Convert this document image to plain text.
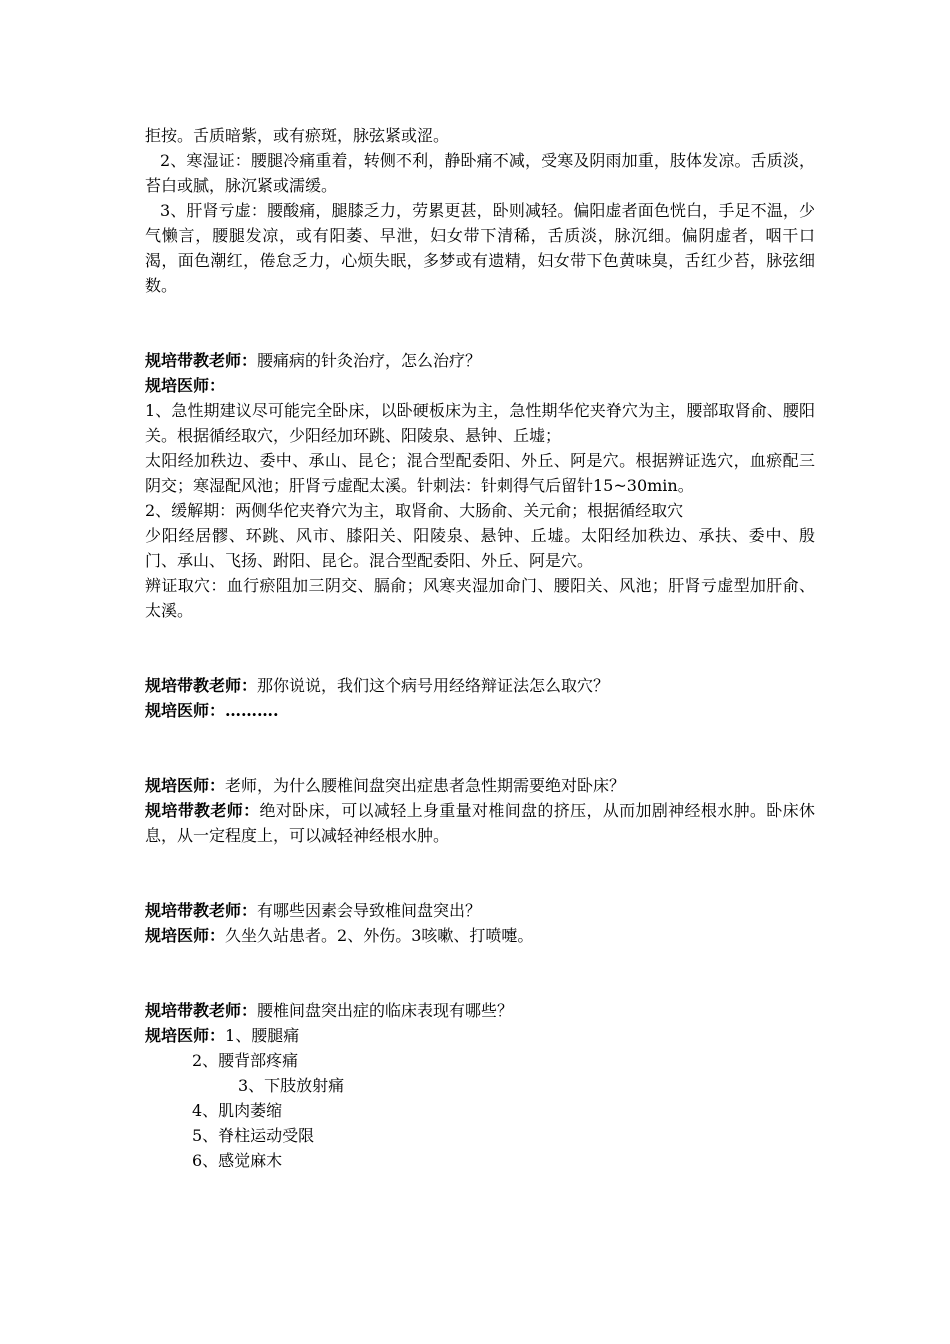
拒按。舌质暗紫，或有瘀斑，脉弦紧或涩。

2、寒湿证：腰腿冷痛重着，转侧不利，静卧痛不减，受寒及阴雨加重，肢体发凉。舌质淡，苔白或腻，脉沉紧或濡缓。

3、肝肾亏虚：腰酸痛，腿膝乏力，劳累更甚，卧则减轻。偏阳虚者面色恍白，手足不温，少气懒言，腰腿发凉，或有阳萎、早泄，妇女带下清稀，舌质淡，脉沉细。偏阴虚者，咽干口渴，面色潮红，倦怠乏力，心烦失眠，多梦或有遗精，妇女带下色黄味臭，舌红少苔，脉弦细数。

规培带教老师：腰痛病的针灸治疗，怎么治疗？

规培医师：

1、急性期建议尽可能完全卧床，以卧硬板床为主，急性期华佗夹脊穴为主，腰部取肾俞、腰阳关。根据循经取穴，少阳经加环跳、阳陵泉、悬钟、丘墟；

太阳经加秩边、委中、承山、昆仑；混合型配委阳、外丘、阿是穴。根据辨证选穴，血瘀配三阴交；寒湿配风池；肝肾亏虚配太溪。针刺法：针刺得气后留针15~30min。

2、缓解期：两侧华佗夹脊穴为主，取肾俞、大肠俞、关元俞；根据循经取穴

少阳经居髎、环跳、风市、膝阳关、阳陵泉、悬钟、丘墟。太阳经加秩边、承扶、委中、殷门、承山、飞扬、跗阳、昆仑。混合型配委阳、外丘、阿是穴。

辨证取穴：血行瘀阻加三阴交、膈俞；风寒夹湿加命门、腰阳关、风池；肝肾亏虚型加肝俞、太溪。

规培带教老师：那你说说，我们这个病号用经络辩证法怎么取穴？

规培医师：……….

规培医师：老师，为什么腰椎间盘突出症患者急性期需要绝对卧床？

规培带教老师：绝对卧床，可以减轻上身重量对椎间盘的挤压，从而加剧神经根水肿。卧床休息，从一定程度上，可以减轻神经根水肿。

规培带教老师：有哪些因素会导致椎间盘突出？

规培医师：久坐久站患者。2、外伤。3咳嗽、打喷嚏。

规培带教老师：腰椎间盘突出症的临床表现有哪些？

规培医师：1、腰腿痛

2、腰背部疼痛

3、下肢放射痛

4、肌肉萎缩

5、脊柱运动受限

6、感觉麻木
